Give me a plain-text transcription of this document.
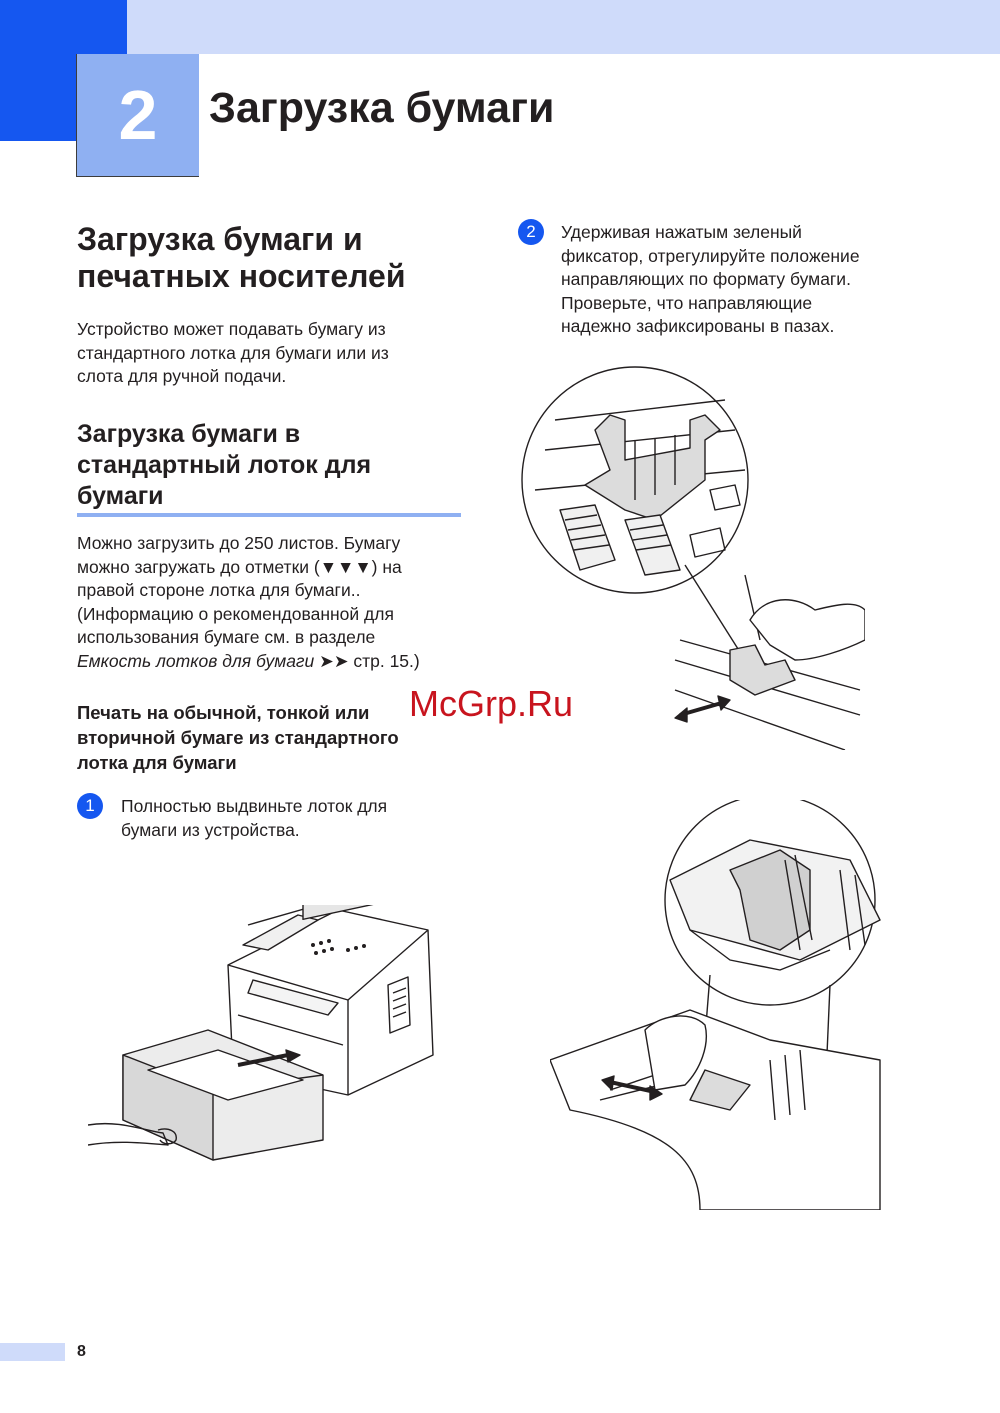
2 Загрузка бумаги
Загрузка бумаги и
печатных носителей

Устройство может подавать бумагу из
стандартного лотка для бумаги или из
слота для ручной подачи.

Загрузка бумаги в
стандартный лоток для
бумаги

Можно загрузить до 250 листов. Бумагу
можно загружать до отметки (▼▼▼) на
правой стороне лотка для бумаги..
(Информацию о рекомендованной для
использования бумаге см. в разделе
Емкость лотков для бумаги ➤➤ стр. 15.)

Печать на обычной, тонкой или
вторичной бумаге из стандартного
лотка для бумаги
1 Полностью выдвиньте лоток для
бумаги из устройства.

2 Удерживая нажатым зеленый
фиксатор, отрегулируйте положение
направляющих по формату бумаги.
Проверьте, что направляющие
надежно зафиксированы в пазах.

McGrp.Ru
8
